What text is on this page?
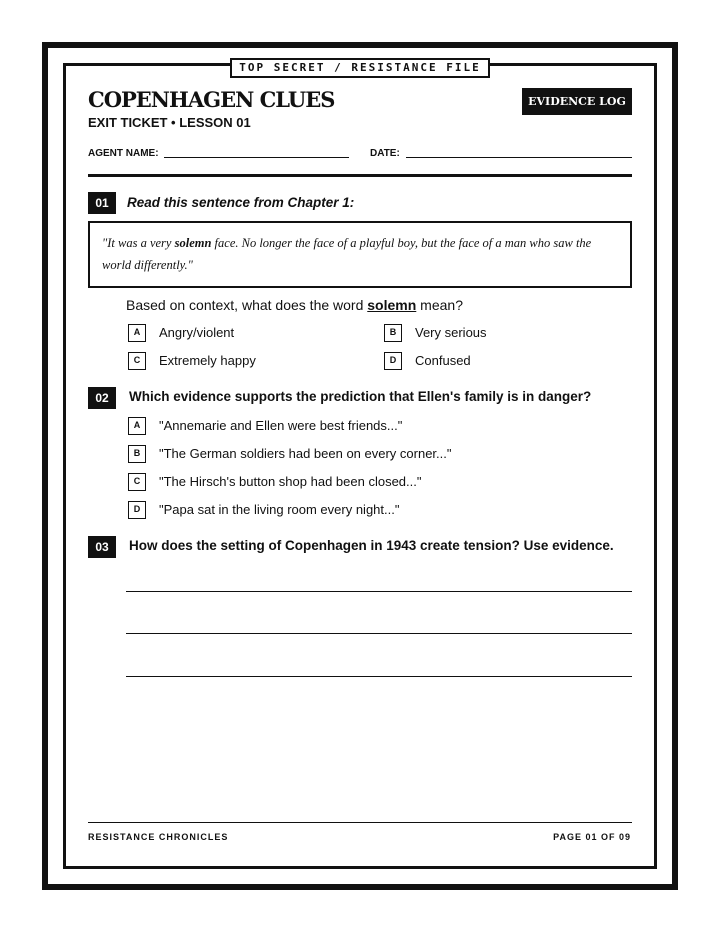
TOP SECRET / RESISTANCE FILE
COPENHAGEN CLUES
EXIT TICKET • LESSON 01
EVIDENCE LOG
AGENT NAME:	DATE:
01	Read this sentence from Chapter 1:
"It was a very solemn face. No longer the face of a playful boy, but the face of a man who saw the world differently."
Based on context, what does the word solemn mean?
A	Angry/violent	B	Very serious
C	Extremely happy	D	Confused
02	Which evidence supports the prediction that Ellen's family is in danger?
A	"Annemarie and Ellen were best friends..."
B	"The German soldiers had been on every corner..."
C	"The Hirsch's button shop had been closed..."
D	"Papa sat in the living room every night..."
03	How does the setting of Copenhagen in 1943 create tension? Use evidence.
RESISTANCE CHRONICLES	PAGE 01 OF 09
